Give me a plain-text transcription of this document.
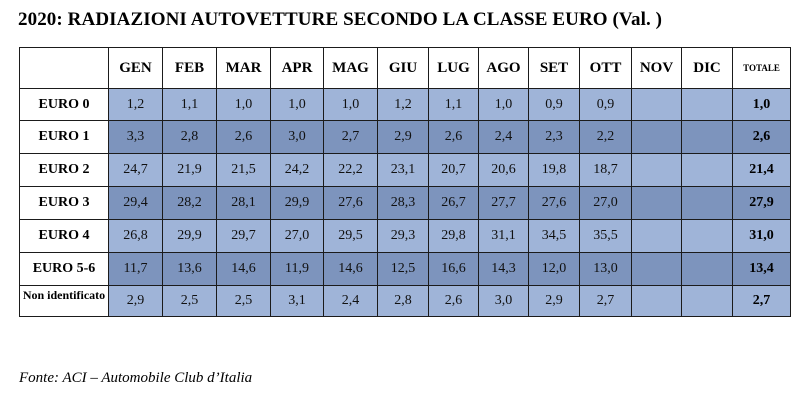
2020: RADIAZIONI AUTOVETTURE SECONDO LA CLASSE EURO (Val. )
	GEN	FEB	MAR	APR	MAG	GIU	LUG	AGO	SET	OTT	NOV	DIC	TOTALE
EURO 0	1,2	1,1	1,0	1,0	1,0	1,2	1,1	1,0	0,9	0,9			1,0
EURO 1	3,3	2,8	2,6	3,0	2,7	2,9	2,6	2,4	2,3	2,2			2,6
EURO 2	24,7	21,9	21,5	24,2	22,2	23,1	20,7	20,6	19,8	18,7			21,4
EURO 3	29,4	28,2	28,1	29,9	27,6	28,3	26,7	27,7	27,6	27,0			27,9
EURO 4	26,8	29,9	29,7	27,0	29,5	29,3	29,8	31,1	34,5	35,5			31,0
EURO 5-6	11,7	13,6	14,6	11,9	14,6	12,5	16,6	14,3	12,0	13,0			13,4
Non identificato	2,9	2,5	2,5	3,1	2,4	2,8	2,6	3,0	2,9	2,7			2,7
Fonte: ACI – Automobile Club d’Italia
